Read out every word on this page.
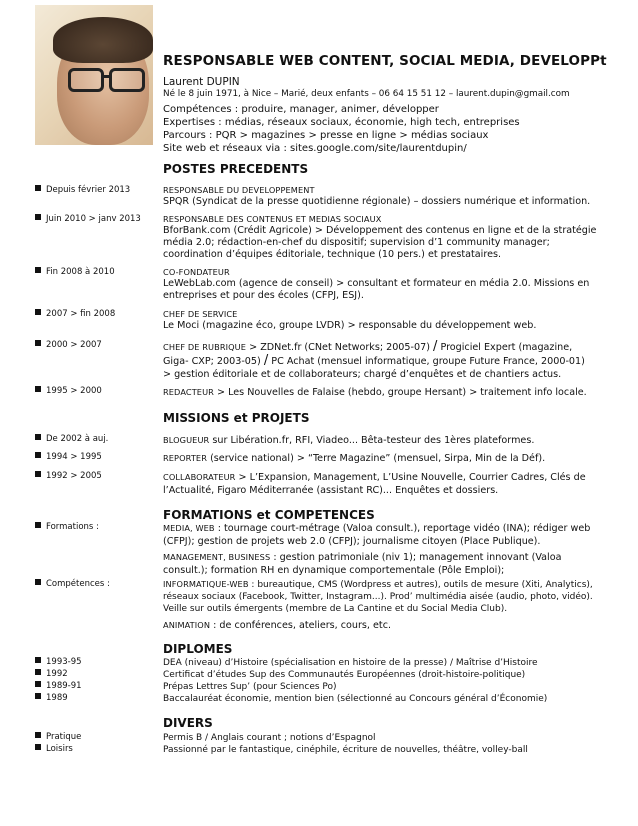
RESPONSABLE WEB CONTENT, SOCIAL MEDIA, DEVELOPPt
Laurent DUPIN
Né le 8 juin 1971, à Nice – Marié, deux enfants – 06 64 15 51 12 – laurent.dupin@gmail.com
Compétences : produire, manager, animer, développer
Expertises : médias, réseaux sociaux, économie, high tech, entreprises
Parcours : PQR > magazines > presse en ligne > médias sociaux
Site web et réseaux via : sites.google.com/site/laurentdupin/
POSTES PRECEDENTS
Depuis février 2013	RESPONSABLE DU DEVELOPPEMENT
SPQR (Syndicat de la presse quotidienne régionale) – dossiers numérique et information.
Juin 2010 > janv 2013	RESPONSABLE DES CONTENUS ET MEDIAS SOCIAUX
BforBank.com (Crédit Agricole) > Développement des contenus en ligne et de la stratégie média 2.0; rédaction-en-chef du dispositif; supervision d’1 community manager; coordination d’équipes éditoriale, technique (10 pers.) et prestataires.
Fin 2008 à 2010	CO-FONDATEUR
LeWebLab.com (agence de conseil) > consultant et formateur en média 2.0. Missions en entreprises et pour des écoles (CFPJ, ESJ).
2007 > fin 2008	CHEF DE SERVICE
Le Moci (magazine éco, groupe LVDR) > responsable du développement web.
2000 > 2007	CHEF DE RUBRIQUE > ZDNet.fr (CNet Networks; 2005-07) / Progiciel Expert (magazine, Giga- CXP; 2003-05) / PC Achat (mensuel informatique, groupe Future France, 2000-01) > gestion éditoriale et de collaborateurs; chargé d’enquêtes et de chantiers actus.
1995 > 2000	REDACTEUR > Les Nouvelles de Falaise (hebdo, groupe Hersant) > traitement info locale.
MISSIONS et PROJETS
De 2002 à auj.	BLOGUEUR sur Libération.fr, RFI, Viadeo... Bêta-testeur des 1ères plateformes.
1994 > 1995	REPORTER (service national) > “Terre Magazine” (mensuel, Sirpa, Min de la Déf).
1992 > 2005	COLLABORATEUR > L’Expansion, Management, L’Usine Nouvelle, Courrier Cadres, Clés de l’Actualité, Figaro Méditerranée (assistant RC)... Enquêtes et dossiers.
FORMATIONS et COMPETENCES
Formations :	MEDIA, WEB : tournage court-métrage (Valoa consult.), reportage vidéo (INA); rédiger web (CFPJ); gestion de projets web 2.0 (CFPJ); journalisme citoyen (Place Publique).
MANAGEMENT, BUSINESS : gestion patrimoniale (niv 1); management innovant (Valoa consult.); formation RH en dynamique comportementale (Pôle Emploi);
Compétences :	INFORMATIQUE-WEB : bureautique, CMS (Wordpress et autres), outils de mesure (Xiti, Analytics), réseaux sociaux (Facebook, Twitter, Instagram...). Prod’ multimédia aisée (audio, photo, vidéo). Veille sur outils émergents (membre de La Cantine et du Social Media Club).
ANIMATION : de conférences, ateliers, cours, etc.
DIPLOMES
1993-95	DEA (niveau) d’Histoire (spécialisation en histoire de la presse) / Maîtrise d’Histoire
1992	Certificat d’études Sup des Communautés Européennes (droit-histoire-politique)
1989-91	Prépas Lettres Sup’ (pour Sciences Po)
1989	Baccalauréat économie, mention bien (sélectionné au Concours général d’Économie)
DIVERS
Pratique	Permis B / Anglais courant ; notions d’Espagnol
Loisirs	Passionné par le fantastique, cinéphile, écriture de nouvelles, théâtre, volley-ball
